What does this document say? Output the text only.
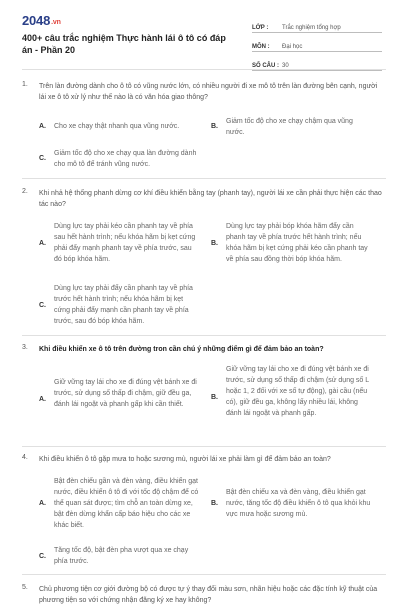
2048.vn
400+ câu trắc nghiệm Thực hành lái ô tô có đáp án - Phần 20
LỚP :	Trắc nghiệm tổng hợp
MÔN :	Đại học
SỐ CÂU : 30
1. Trên làn đường dành cho ô tô có vũng nước lớn, có nhiều người đi xe mô tô trên làn đường bên cạnh, người lái xe ô tô xử lý như thế nào là có văn hóa giao thông?
A. Cho xe chạy thật nhanh qua vũng nước.	B.
Giảm tốc độ cho xe chạy chậm qua vũng nước.
C.
Giảm tốc độ cho xe chạy qua làn đường dành cho mô tô để tránh vũng nước.
2. Khi nhả hệ thống phanh dừng cơ khí điều khiển bằng tay (phanh tay), người lái xe cần phải thực hiện các thao tác nào?
A.
Dùng lực tay phải kéo cần phanh tay về phía sau hết hành trình; nếu khóa hãm bị kẹt cứng phải đẩy mạnh phanh tay về phía trước, sau đó bóp khóa hãm.
B.
Dùng lực tay phải bóp khóa hãm đẩy cần phanh tay về phía trước hết hành trình; nếu khóa hãm bị kẹt cứng phải kéo cần phanh tay về phía sau đồng thời bóp khóa hãm.
C.
Dùng lực tay phải đẩy cần phanh tay về phía trước hết hành trình; nếu khóa hãm bị kẹt cứng phải đẩy mạnh cần phanh tay về phía trước, sau đó bóp khóa hãm.
3. Khi điều khiển xe ô tô trên đường tron cần chú ý những điểm gì để đảm bảo an toàn?
A.
Giữ vững tay lái cho xe đi đúng vệt bánh xe đi trước, sử dụng số thấp đi chậm, giữ đều ga, đánh lái ngoặt và phanh gấp khi cần thiết.
B.
Giữ vững tay lái cho xe đi đúng vệt bánh xe đi trước, sử dụng số thấp đi chậm (sử dụng số L hoặc 1, 2 đối với xe số tự động), gài cầu (nếu có), giữ đều ga, không lấy nhiều lái, không đánh lái ngoặt và phanh gấp.
4. Khi điều khiển ô tô gặp mưa to hoặc sương mù, người lái xe phải làm gì để đảm bảo an toàn?
A.
Bật đèn chiếu gần và đèn vàng, điều khiển gạt nước, điều khiển ô tô đi với tốc độ chậm để có thể quan sát được; tìm chỗ an toàn dừng xe, bật đèn dừng khẩn cấp báo hiệu cho các xe khác biết.
B.
Bật đèn chiếu xa và đèn vàng, điều khiển gạt nước, tăng tốc độ điều khiển ô tô qua khỏi khu vực mưa hoặc sương mù.
C.
Tăng tốc độ, bật đèn pha vượt qua xe chạy phía trước.
5. Chủ phương tiện cơ giới đường bộ có được tự ý thay đổi màu sơn, nhãn hiệu hoặc các đặc tính kỹ thuật của phương tiện so với chứng nhận đăng ký xe hay không?
